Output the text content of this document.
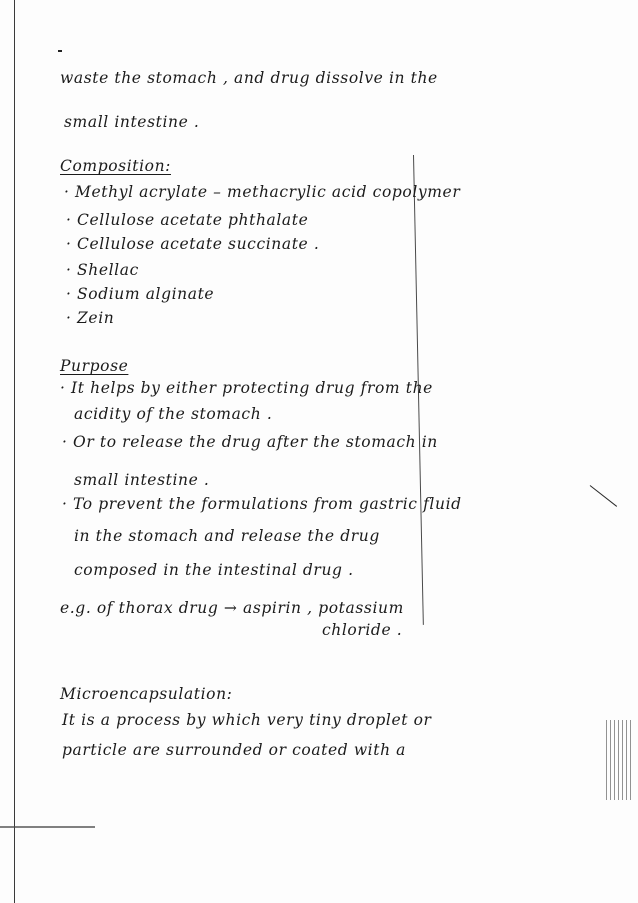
waste the stomach , and drug dissolve in the
small intestine .
Composition:
· Methyl acrylate – methacrylic acid copolymer
· Cellulose acetate phthalate
· Cellulose acetate succinate .
· Shellac
· Sodium alginate
· Zein
Purpose
· It helps by either protecting drug from the
acidity of the stomach .
· Or to release the drug after the stomach in
small intestine .
· To prevent the formulations from gastric fluid
in the stomach and release the drug
composed in the intestinal drug .
e.g. of thorax drug → aspirin , potassium
chloride .
Microencapsulation:
It is a process by which very tiny droplet or
particle are surrounded or coated with a
